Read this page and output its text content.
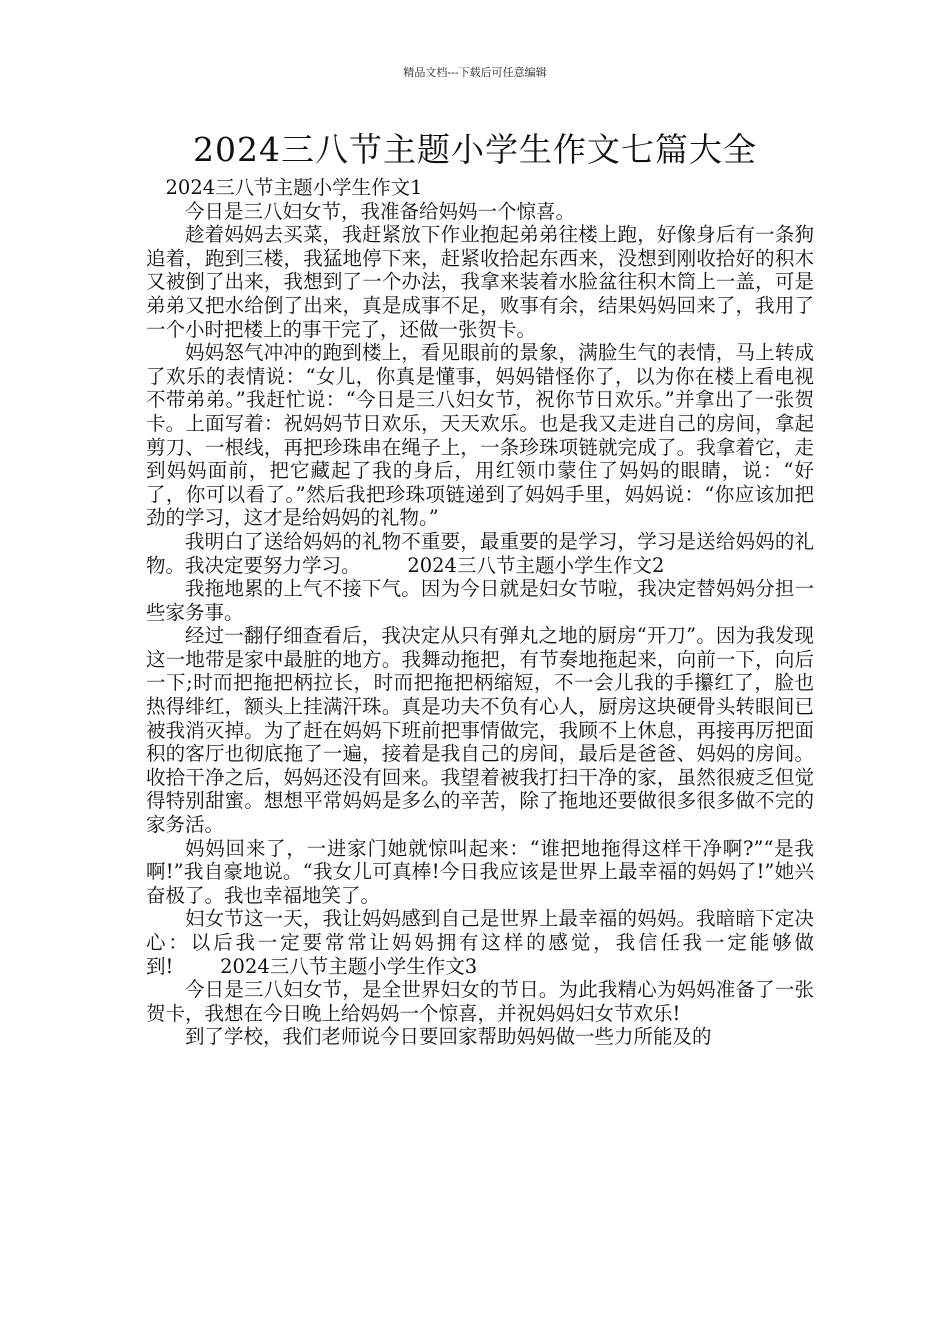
精品文档---下载后可任意编辑
2024三八节主题小学生作文七篇大全

2024三八节主题小学生作文1

今日是三八妇女节，我准备给妈妈一个惊喜。

趁着妈妈去买菜，我赶紧放下作业抱起弟弟往楼上跑，好像身后有一条狗追着，跑到三楼，我猛地停下来，赶紧收拾起东西来，没想到刚收拾好的积木又被倒了出来，我想到了一个办法，我拿来装着水脸盆往积木筒上一盖，可是弟弟又把水给倒了出来，真是成事不足，败事有余，结果妈妈回来了，我用了一个小时把楼上的事干完了，还做一张贺卡。

妈妈怒气冲冲的跑到楼上，看见眼前的景象，满脸生气的表情，马上转成了欢乐的表情说：“女儿，你真是懂事，妈妈错怪你了，以为你在楼上看电视不带弟弟。”我赶忙说：“今日是三八妇女节，祝你节日欢乐。”并拿出了一张贺卡。上面写着：祝妈妈节日欢乐，天天欢乐。也是我又走进自己的房间，拿起剪刀、一根线，再把珍珠串在绳子上，一条珍珠项链就完成了。我拿着它，走到妈妈面前，把它藏起了我的身后，用红领巾蒙住了妈妈的眼睛，说：“好了，你可以看了。”然后我把珍珠项链递到了妈妈手里，妈妈说：“你应该加把劲的学习，这才是给妈妈的礼物。”

我明白了送给妈妈的礼物不重要，最重要的是学习，学习是送给妈妈的礼物。我决定要努力学习。 2024三八节主题小学生作文2

我拖地累的上气不接下气。因为今日就是妇女节啦，我决定替妈妈分担一些家务事。

经过一翻仔细查看后，我决定从只有弹丸之地的厨房“开刀”。因为我发现这一地带是家中最脏的地方。我舞动拖把，有节奏地拖起来，向前一下，向后一下;时而把拖把柄拉长，时而把拖把柄缩短，不一会儿我的手攥红了，脸也热得绯红，额头上挂满汗珠。真是功夫不负有心人，厨房这块硬骨头转眼间已被我消灭掉。为了赶在妈妈下班前把事情做完，我顾不上休息，再接再厉把面积的客厅也彻底拖了一遍，接着是我自己的房间，最后是爸爸、妈妈的房间。收拾干净之后，妈妈还没有回来。我望着被我打扫干净的家，虽然很疲乏但觉得特别甜蜜。想想平常妈妈是多么的辛苦，除了拖地还要做很多很多做不完的家务活。

妈妈回来了，一进家门她就惊叫起来：“谁把地拖得这样干净啊?”“是我啊!”我自豪地说。“我女儿可真棒!今日我应该是世界上最幸福的妈妈了!”她兴奋极了。我也幸福地笑了。

妇女节这一天，我让妈妈感到自己是世界上最幸福的妈妈。我暗暗下定决心：以后我一定要常常让妈妈拥有这样的感觉，我信任我一定能够做到! 2024三八节主题小学生作文3

今日是三八妇女节，是全世界妇女的节日。为此我精心为妈妈准备了一张贺卡，我想在今日晚上给妈妈一个惊喜，并祝妈妈妇女节欢乐!

到了学校，我们老师说今日要回家帮助妈妈做一些力所能及的
